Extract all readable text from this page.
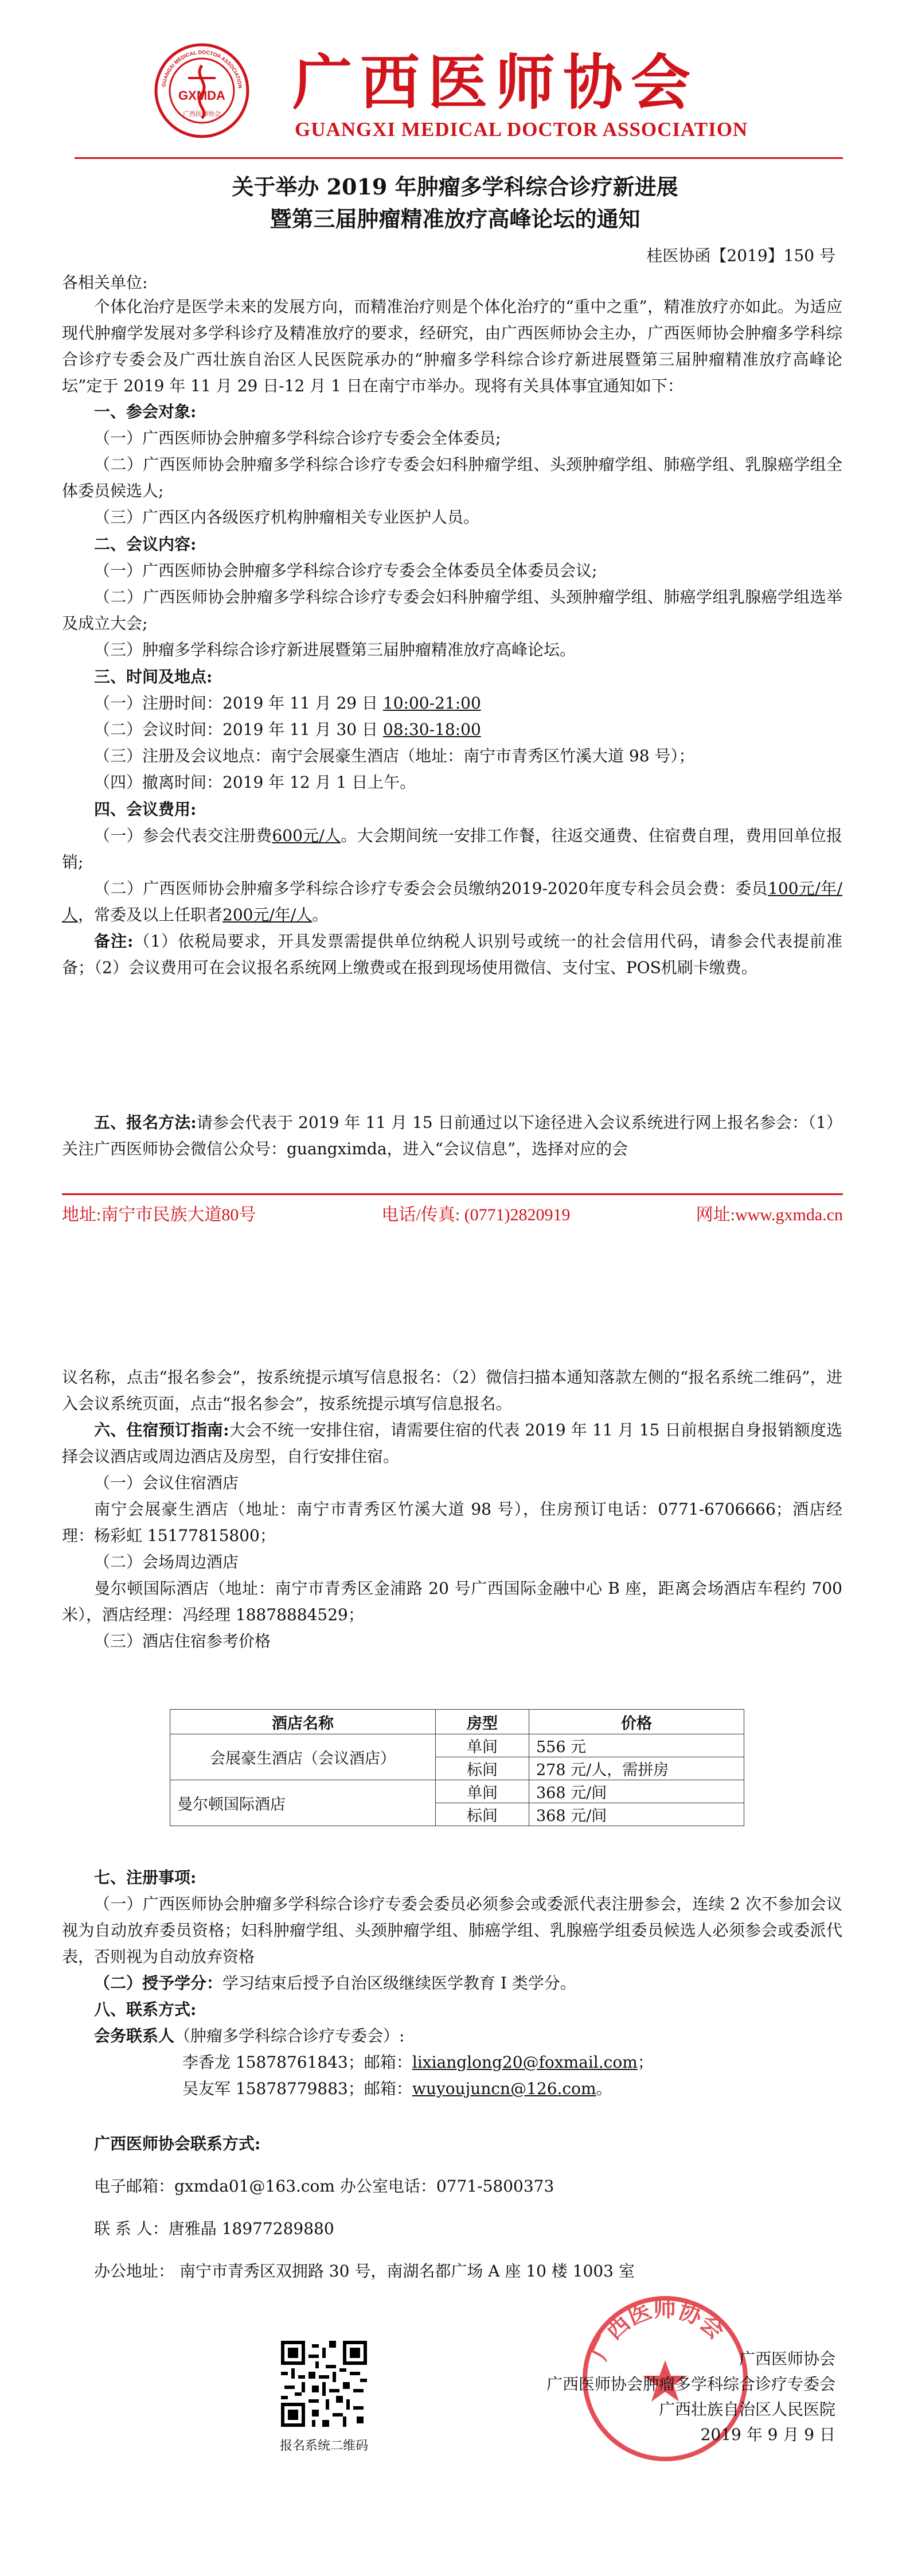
GXMDA
广西医师协会
GUANGXI MEDICAL DOCTOR ASSOCIATION 广西医师协会
GUANGXI MEDICAL DOCTOR ASSOCIATION
关于举办 2019 年肿瘤多学科综合诊疗新进展
暨第三届肿瘤精准放疗高峰论坛的通知
桂医协函【2019】150 号
各相关单位:
个体化治疗是医学未来的发展方向，而精准治疗则是个体化治疗的“重中之重”，精准放疗亦如此。为适应现代肿瘤学发展对多学科诊疗及精准放疗的要求，经研究，由广西医师协会主办，广西医师协会肿瘤多学科综合诊疗专委会及广西壮族自治区人民医院承办的“肿瘤多学科综合诊疗新进展暨第三届肿瘤精准放疗高峰论坛”定于 2019 年 11 月 29 日-12 月 1 日在南宁市举办。现将有关具体事宜通知如下：
一、参会对象:
（一）广西医师协会肿瘤多学科综合诊疗专委会全体委员;
（二）广西医师协会肿瘤多学科综合诊疗专委会妇科肿瘤学组、头颈肿瘤学组、肺癌学组、乳腺癌学组全体委员候选人;
（三）广西区内各级医疗机构肿瘤相关专业医护人员。
二、会议内容:
（一）广西医师协会肿瘤多学科综合诊疗专委会全体委员全体委员会议;
（二）广西医师协会肿瘤多学科综合诊疗专委会妇科肿瘤学组、头颈肿瘤学组、肺癌学组乳腺癌学组选举及成立大会;
（三）肿瘤多学科综合诊疗新进展暨第三届肿瘤精准放疗高峰论坛。
三、时间及地点:
（一）注册时间：2019 年 11 月 29 日 10:00-21:00
（二）会议时间：2019 年 11 月 30 日 08:30-18:00
（三）注册及会议地点：南宁会展豪生酒店（地址：南宁市青秀区竹溪大道 98 号）；
（四）撤离时间：2019 年 12 月 1 日上午。
四、会议费用:
（一）参会代表交注册费600元/人。大会期间统一安排工作餐，往返交通费、住宿费自理，费用回单位报销;
（二）广西医师协会肿瘤多学科综合诊疗专委会会员缴纳2019-2020年度专科会员会费：委员100元/年/人，常委及以上任职者200元/年/人。
备注:（1）依税局要求，开具发票需提供单位纳税人识别号或统一的社会信用代码，请参会代表提前准备；（2）会议费用可在会议报名系统网上缴费或在报到现场使用微信、支付宝、POS机刷卡缴费。
五、报名方法:请参会代表于 2019 年 11 月 15 日前通过以下途径进入会议系统进行网上报名参会：（1）关注广西医师协会微信公众号：guangximda，进入“会议信息”，选择对应的会
地址:南宁市民族大道80号	电话/传真: (0771)2820919	网址:www.gxmda.cn
议名称，点击“报名参会”，按系统提示填写信息报名：（2）微信扫描本通知落款左侧的“报名系统二维码”，进入会议系统页面，点击“报名参会”，按系统提示填写信息报名。
六、住宿预订指南:大会不统一安排住宿，请需要住宿的代表 2019 年 11 月 15 日前根据自身报销额度选择会议酒店或周边酒店及房型，自行安排住宿。
（一）会议住宿酒店
南宁会展豪生酒店（地址：南宁市青秀区竹溪大道 98 号），住房预订电话：0771-6706666；酒店经理：杨彩虹 15177815800；
（二）会场周边酒店
曼尔顿国际酒店（地址：南宁市青秀区金浦路 20 号广西国际金融中心 B 座，距离会场酒店车程约 700 米），酒店经理：冯经理 18878884529；
（三）酒店住宿参考价格
酒店名称	房型	价格
会展豪生酒店（会议酒店）	单间	556 元
	标间	278 元/人，需拼房
曼尔顿国际酒店	单间	368 元/间
	标间	368 元/间
七、注册事项:
（一）广西医师协会肿瘤多学科综合诊疗专委会委员必须参会或委派代表注册参会，连续 2 次不参加会议视为自动放弃委员资格；妇科肿瘤学组、头颈肿瘤学组、肺癌学组、乳腺癌学组委员候选人必须参会或委派代表，否则视为自动放弃资格
（二）授予学分：学习结束后授予自治区级继续医学教育 I 类学分。
八、联系方式:
会务联系人（肿瘤多学科综合诊疗专委会）:
李香龙 15878761843；邮箱：lixianglong20@foxmail.com；
吴友军 15878779883；邮箱：wuyoujuncn@126.com。
广西医师协会联系方式:
电子邮箱：gxmda01@163.com 办公室电话：0771-5800373
联 系 人：唐雅晶 18977289880
办公地址： 南宁市青秀区双拥路 30 号，南湖名都广场 A 座 10 楼 1003 室
报名系统二维码
广西医师协会
广西医师协会
广西医师协会肿瘤多学科综合诊疗专委会
广西壮族自治区人民医院
2019 年 9 月 9 日
